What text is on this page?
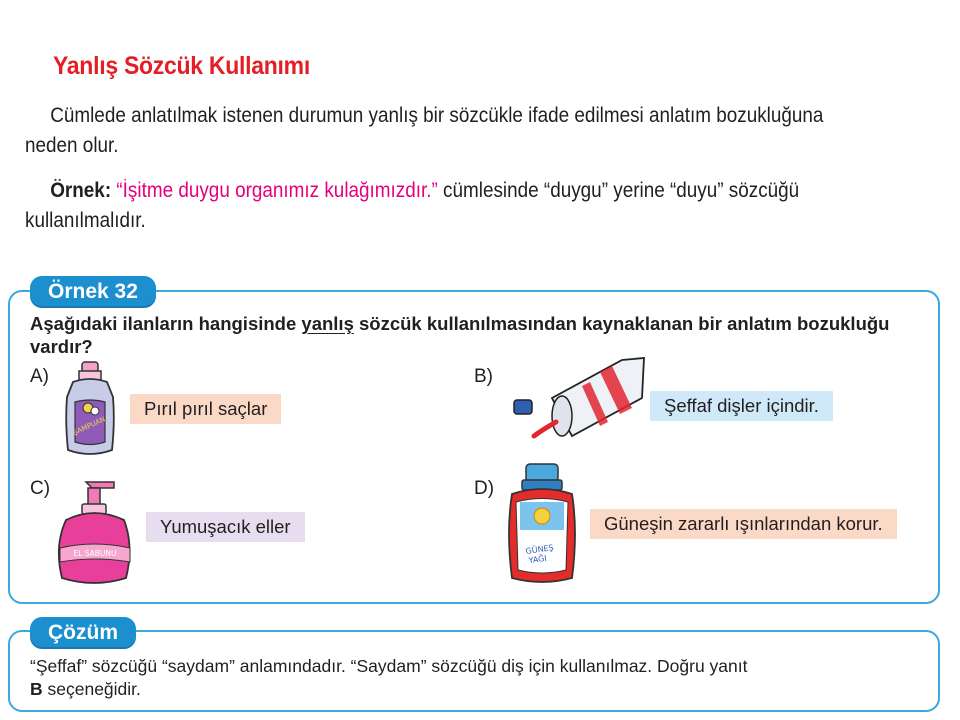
Yanlış Sözcük Kullanımı
Cümlede anlatılmak istenen durumun yanlış bir sözcükle ifade edilmesi anlatım bozukluğuna
neden olur.
Örnek: “İşitme duygu organımız kulağımızdır.” cümlesinde “duygu” yerine “duyu” sözcüğü
kullanılmalıdır.
Örnek 32
Aşağıdaki ilanların hangisinde yanlış sözcük kullanılmasından kaynaklanan bir anlatım bozukluğu vardır?
A)
ŞAMPUAN
Pırıl pırıl saçlar
B)
Şeffaf dişler içindir.
C)
EL SABUNU
Yumuşacık eller
D)
GÜNEŞ
YAĞI
Güneşin zararlı ışınlarından korur.
Çözüm
“Şeffaf” sözcüğü “saydam” anlamındadır. “Saydam” sözcüğü diş için kullanılmaz. Doğru yanıt
B seçeneğidir.
